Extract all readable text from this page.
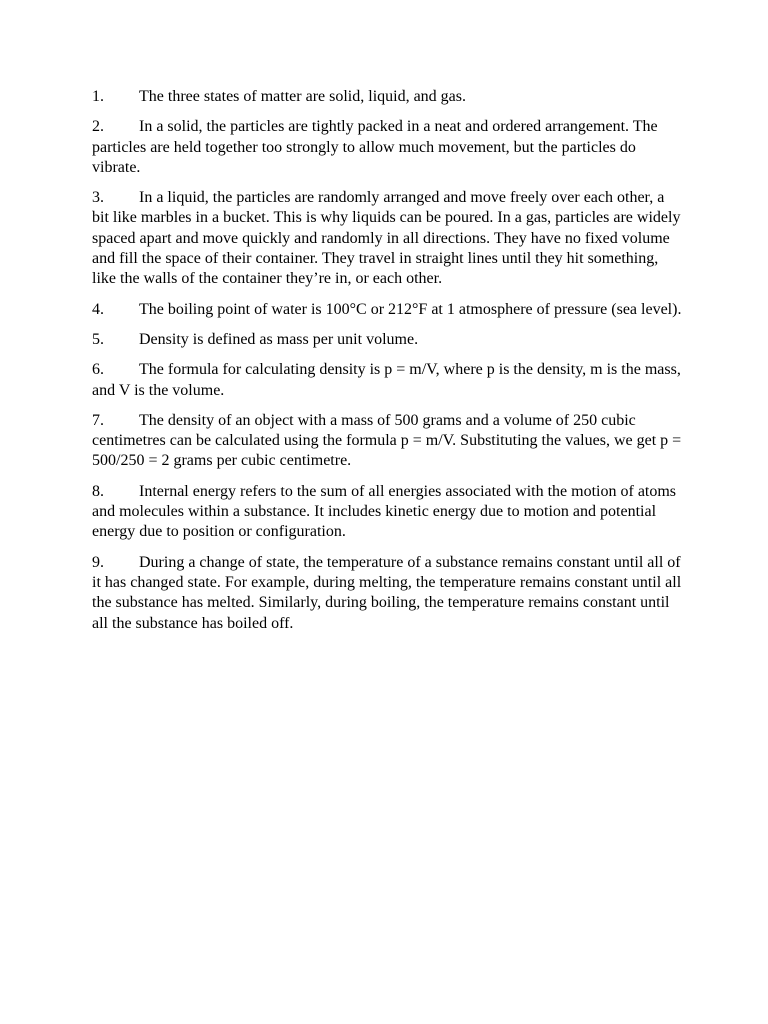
1. The three states of matter are solid, liquid, and gas.

2. In a solid, the particles are tightly packed in a neat and ordered arrangement. The particles are held together too strongly to allow much movement, but the particles do vibrate.

3. In a liquid, the particles are randomly arranged and move freely over each other, a bit like marbles in a bucket. This is why liquids can be poured. In a gas, particles are widely spaced apart and move quickly and randomly in all directions. They have no fixed volume and fill the space of their container. They travel in straight lines until they hit something, like the walls of the container they’re in, or each other.

4. The boiling point of water is 100°C or 212°F at 1 atmosphere of pressure (sea level).

5. Density is defined as mass per unit volume.

6. The formula for calculating density is p = m/V, where p is the density, m is the mass, and V is the volume.

7. The density of an object with a mass of 500 grams and a volume of 250 cubic centimetres can be calculated using the formula p = m/V. Substituting the values, we get p = 500/250 = 2 grams per cubic centimetre.

8. Internal energy refers to the sum of all energies associated with the motion of atoms and molecules within a substance. It includes kinetic energy due to motion and potential energy due to position or configuration.

9. During a change of state, the temperature of a substance remains constant until all of it has changed state. For example, during melting, the temperature remains constant until all the substance has melted. Similarly, during boiling, the temperature remains constant until all the substance has boiled off.
